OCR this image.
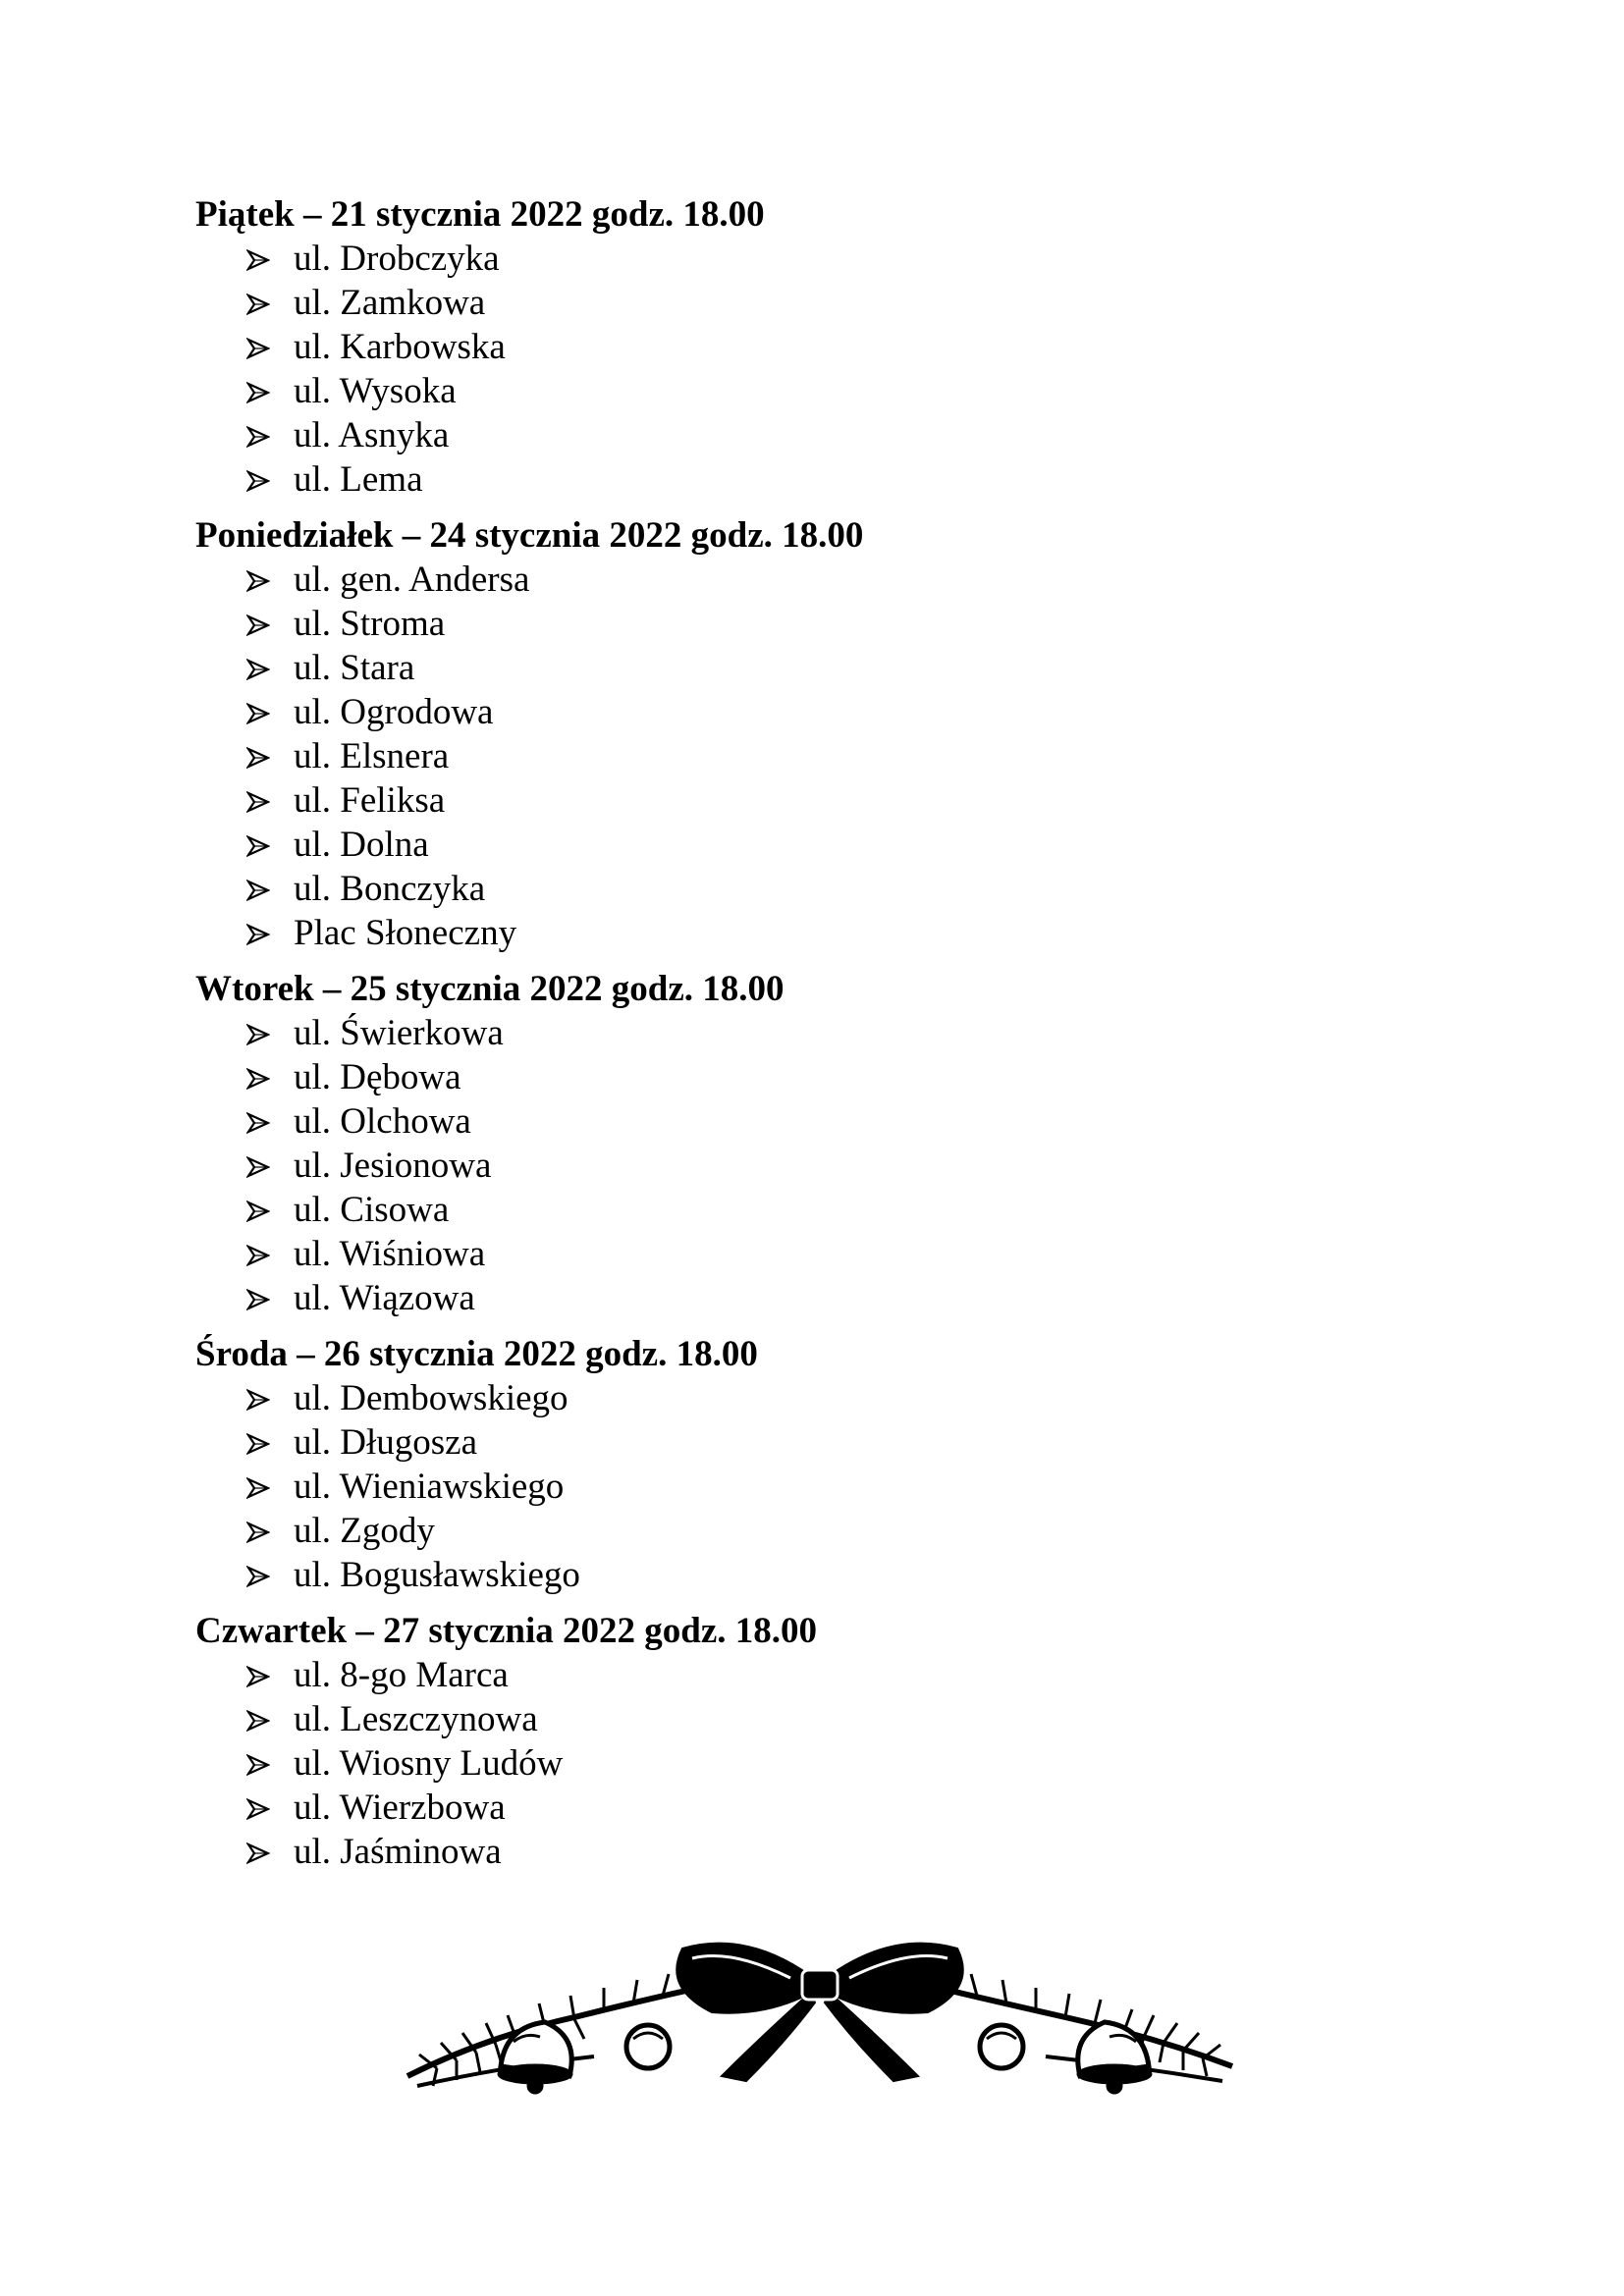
Piątek – 21 stycznia 2022 godz. 18.00
ul. Drobczyka
ul. Zamkowa
ul. Karbowska
ul. Wysoka
ul. Asnyka
ul. Lema
Poniedziałek – 24 stycznia 2022 godz. 18.00
ul. gen. Andersa
ul. Stroma
ul. Stara
ul. Ogrodowa
ul. Elsnera
ul. Feliksa
ul. Dolna
ul. Bonczyka
Plac Słoneczny
Wtorek – 25 stycznia 2022 godz. 18.00
ul. Świerkowa
ul. Dębowa
ul. Olchowa
ul. Jesionowa
ul. Cisowa
ul. Wiśniowa
ul. Wiązowa
Środa – 26 stycznia 2022 godz. 18.00
ul. Dembowskiego
ul. Długosza
ul. Wieniawskiego
ul. Zgody
ul. Bogusławskiego
Czwartek – 27 stycznia 2022 godz. 18.00
ul. 8-go Marca
ul. Leszczynowa
ul. Wiosny Ludów
ul. Wierzbowa
ul. Jaśminowa
